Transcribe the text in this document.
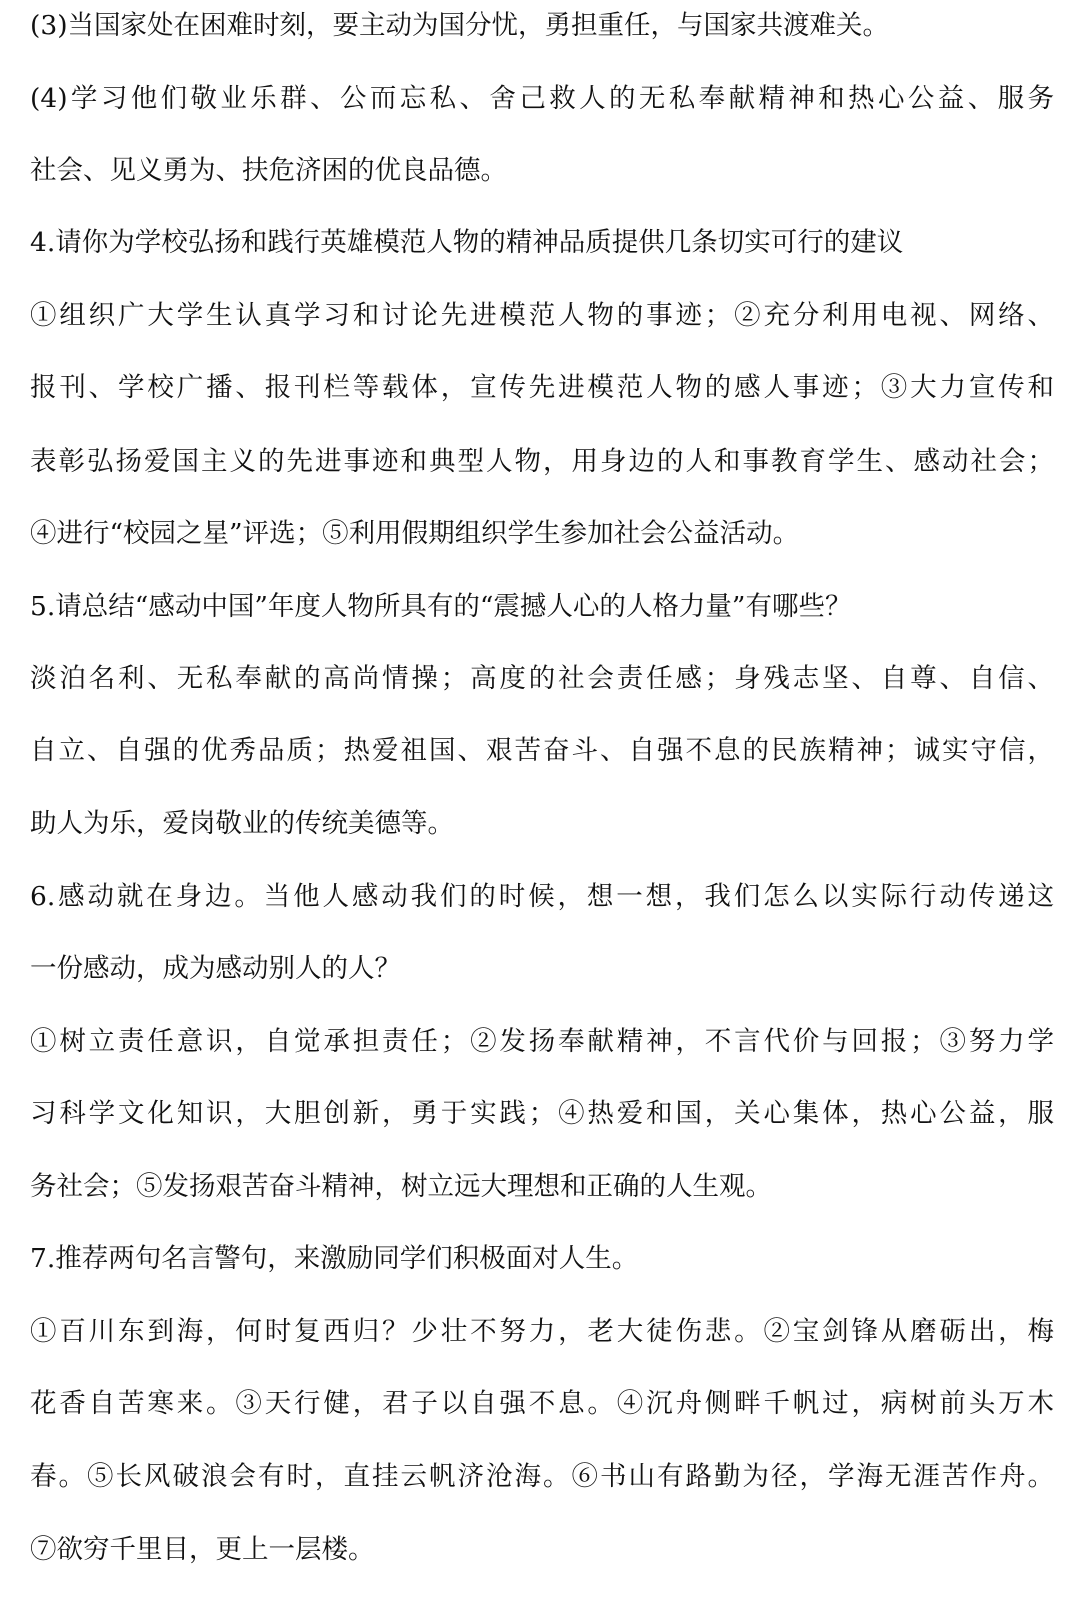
(3)当国家处在困难时刻，要主动为国分忧，勇担重任，与国家共渡难关。
(4)学习他们敬业乐群、公而忘私、舍己救人的无私奉献精神和热心公益、服务
社会、见义勇为、扶危济困的优良品德。
4.请你为学校弘扬和践行英雄模范人物的精神品质提供几条切实可行的建议
①组织广大学生认真学习和讨论先进模范人物的事迹；②充分利用电视、网络、
报刊、学校广播、报刊栏等载体，宣传先进模范人物的感人事迹；③大力宣传和
表彰弘扬爱国主义的先进事迹和典型人物，用身边的人和事教育学生、感动社会；
④进行“校园之星”评选；⑤利用假期组织学生参加社会公益活动。
5.请总结“感动中国”年度人物所具有的“震撼人心的人格力量”有哪些？
淡泊名利、无私奉献的高尚情操；高度的社会责任感；身残志坚、自尊、自信、
自立、自强的优秀品质；热爱祖国、艰苦奋斗、自强不息的民族精神；诚实守信，
助人为乐，爱岗敬业的传统美德等。
6.感动就在身边。当他人感动我们的时候，想一想，我们怎么以实际行动传递这
一份感动，成为感动别人的人？
①树立责任意识，自觉承担责任；②发扬奉献精神，不言代价与回报；③努力学
习科学文化知识，大胆创新，勇于实践；④热爱和国，关心集体，热心公益，服
务社会；⑤发扬艰苦奋斗精神，树立远大理想和正确的人生观。
7.推荐两句名言警句，来激励同学们积极面对人生。
①百川东到海，何时复西归？少壮不努力，老大徒伤悲。②宝剑锋从磨砺出，梅
花香自苦寒来。③天行健，君子以自强不息。④沉舟侧畔千帆过，病树前头万木
春。⑤长风破浪会有时，直挂云帆济沧海。⑥书山有路勤为径，学海无涯苦作舟。
⑦欲穷千里目，更上一层楼。
